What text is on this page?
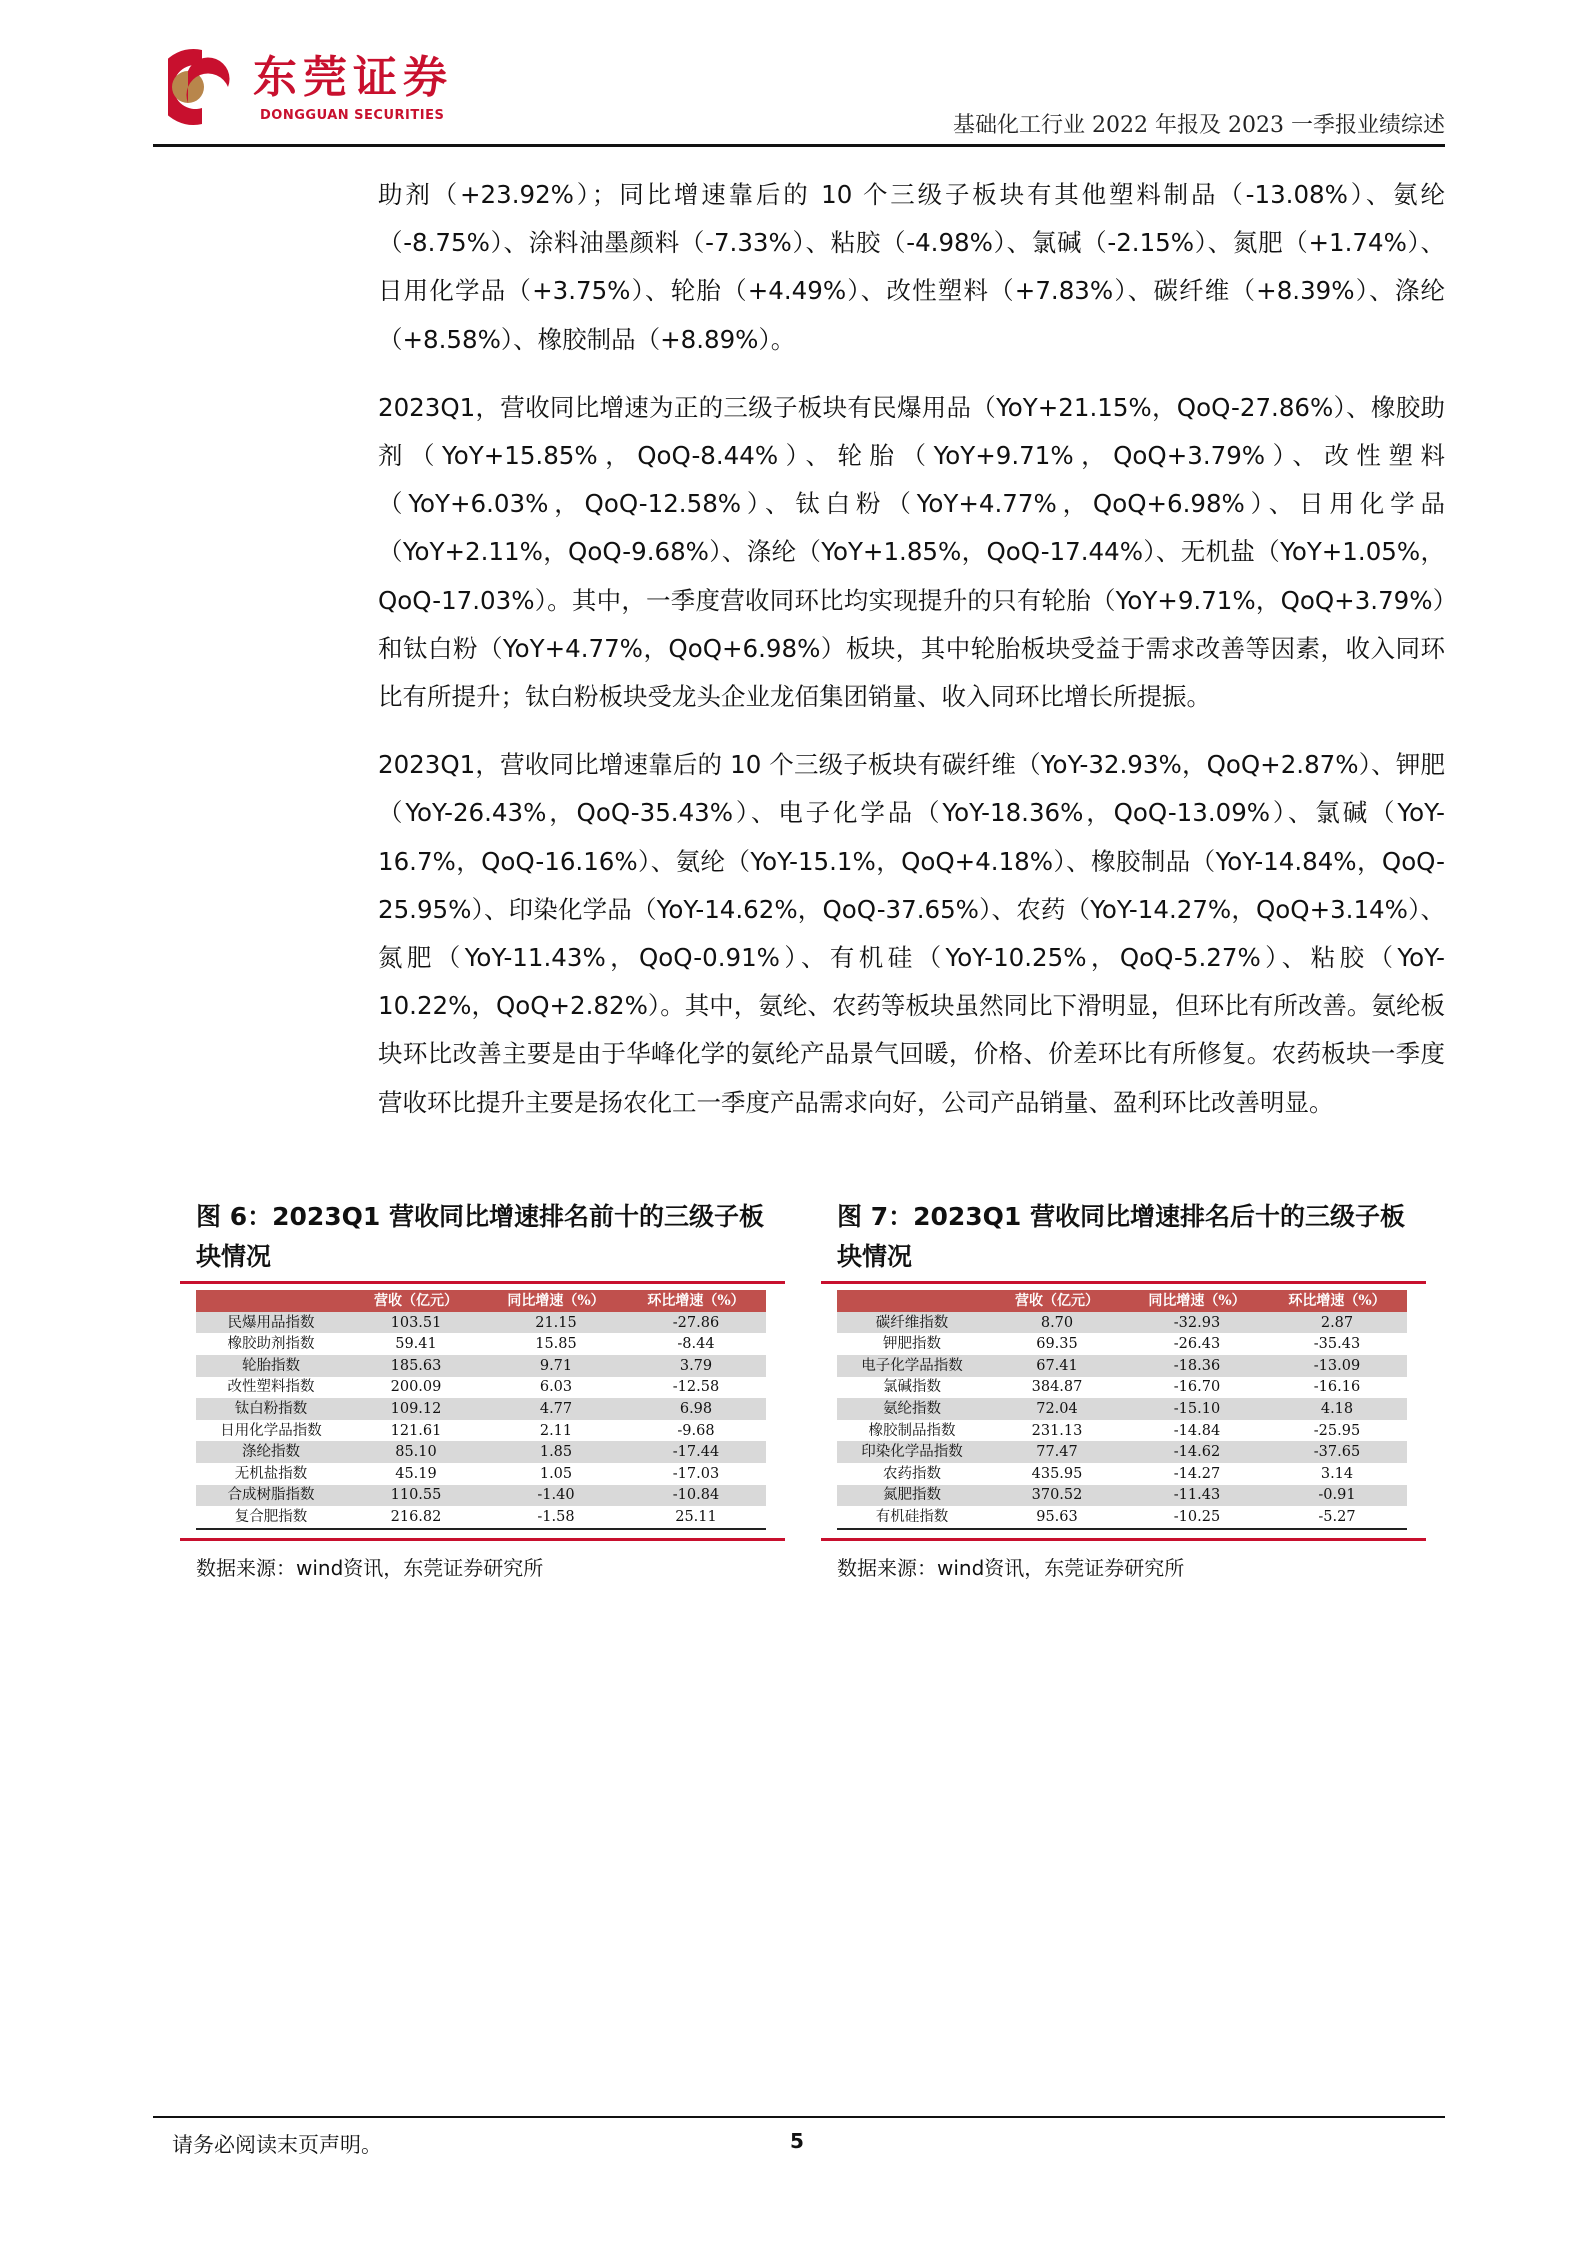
东莞证券
DONGGUAN SECURITIES	基础化工行业 2022 年报及 2023 一季报业绩综述

助剂（+23.92%）；同比增速靠后的 10 个三级子板块有其他塑料制品（-13.08%）、氨纶（-8.75%）、涂料油墨颜料（-7.33%）、粘胶（-4.98%）、氯碱（-2.15%）、氮肥（+1.74%）、日用化学品（+3.75%）、轮胎（+4.49%）、改性塑料（+7.83%）、碳纤维（+8.39%）、涤纶（+8.58%）、橡胶制品（+8.89%）。

2023Q1，营收同比增速为正的三级子板块有民爆用品（YoY+21.15%，QoQ-27.86%）、橡胶助剂（YoY+15.85%，QoQ-8.44%）、轮胎（YoY+9.71%，QoQ+3.79%）、改性塑料（YoY+6.03%，QoQ-12.58%）、钛白粉（YoY+4.77%，QoQ+6.98%）、日用化学品（YoY+2.11%，QoQ-9.68%）、涤纶（YoY+1.85%，QoQ-17.44%）、无机盐（YoY+1.05%，QoQ-17.03%）。其中，一季度营收同环比均实现提升的只有轮胎（YoY+9.71%，QoQ+3.79%）和钛白粉（YoY+4.77%，QoQ+6.98%）板块，其中轮胎板块受益于需求改善等因素，收入同环比有所提升；钛白粉板块受龙头企业龙佰集团销量、收入同环比增长所提振。

2023Q1，营收同比增速靠后的 10 个三级子板块有碳纤维（YoY-32.93%，QoQ+2.87%）、钾肥（YoY-26.43%，QoQ-35.43%）、电子化学品（YoY-18.36%，QoQ-13.09%）、氯碱（YoY-16.7%，QoQ-16.16%）、氨纶（YoY-15.1%，QoQ+4.18%）、橡胶制品（YoY-14.84%，QoQ-25.95%）、印染化学品（YoY-14.62%，QoQ-37.65%）、农药（YoY-14.27%，QoQ+3.14%）、氮肥（YoY-11.43%，QoQ-0.91%）、有机硅（YoY-10.25%，QoQ-5.27%）、粘胶（YoY-10.22%，QoQ+2.82%）。其中，氨纶、农药等板块虽然同比下滑明显，但环比有所改善。氨纶板块环比改善主要是由于华峰化学的氨纶产品景气回暖，价格、价差环比有所修复。农药板块一季度营收环比提升主要是扬农化工一季度产品需求向好，公司产品销量、盈利环比改善明显。

图 6：2023Q1 营收同比增速排名前十的三级子板块情况
	营收（亿元）	同比增速（%）	环比增速（%）
民爆用品指数	103.51	21.15	-27.86
橡胶助剂指数	59.41	15.85	-8.44
轮胎指数	185.63	9.71	3.79
改性塑料指数	200.09	6.03	-12.58
钛白粉指数	109.12	4.77	6.98
日用化学品指数	121.61	2.11	-9.68
涤纶指数	85.10	1.85	-17.44
无机盐指数	45.19	1.05	-17.03
合成树脂指数	110.55	-1.40	-10.84
复合肥指数	216.82	-1.58	25.11
数据来源：wind资讯，东莞证券研究所
图 7：2023Q1 营收同比增速排名后十的三级子板块情况
	营收（亿元）	同比增速（%）	环比增速（%）
碳纤维指数	8.70	-32.93	2.87
钾肥指数	69.35	-26.43	-35.43
电子化学品指数	67.41	-18.36	-13.09
氯碱指数	384.87	-16.70	-16.16
氨纶指数	72.04	-15.10	4.18
橡胶制品指数	231.13	-14.84	-25.95
印染化学品指数	77.47	-14.62	-37.65
农药指数	435.95	-14.27	3.14
氮肥指数	370.52	-11.43	-0.91
有机硅指数	95.63	-10.25	-5.27
数据来源：wind资讯，东莞证券研究所
请务必阅读末页声明。	5
